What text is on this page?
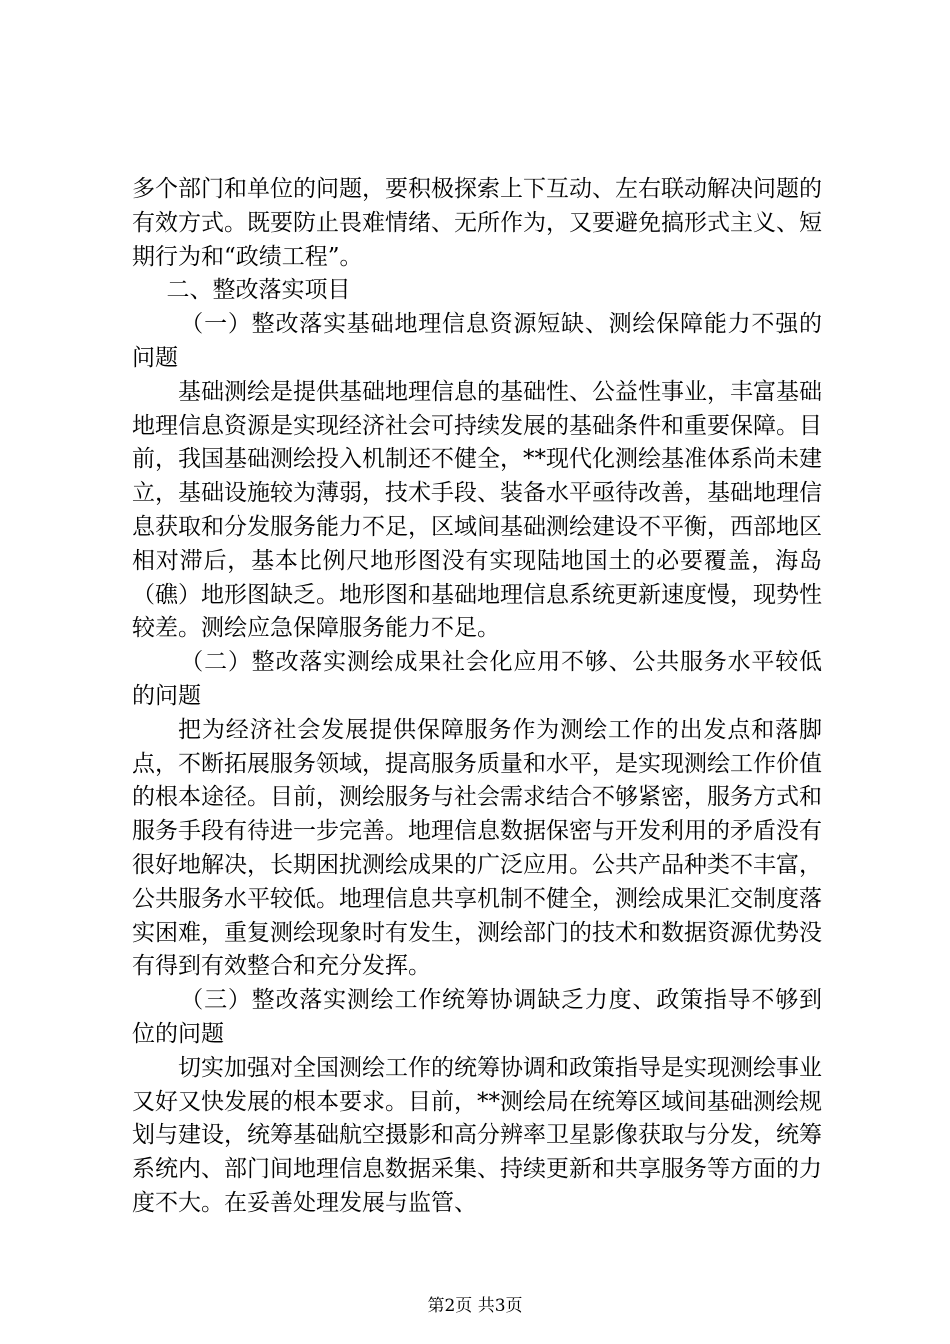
多个部门和单位的问题，要积极探索上下互动、左右联动解决问题的有效方式。既要防止畏难情绪、无所作为，又要避免搞形式主义、短期行为和“政绩工程”。

二、整改落实项目

（一）整改落实基础地理信息资源短缺、测绘保障能力不强的问题

基础测绘是提供基础地理信息的基础性、公益性事业，丰富基础地理信息资源是实现经济社会可持续发展的基础条件和重要保障。目前，我国基础测绘投入机制还不健全，**现代化测绘基准体系尚未建立，基础设施较为薄弱，技术手段、装备水平亟待改善，基础地理信息获取和分发服务能力不足，区域间基础测绘建设不平衡，西部地区相对滞后，基本比例尺地形图没有实现陆地国土的必要覆盖，海岛（礁）地形图缺乏。地形图和基础地理信息系统更新速度慢，现势性较差。测绘应急保障服务能力不足。

（二）整改落实测绘成果社会化应用不够、公共服务水平较低的问题

把为经济社会发展提供保障服务作为测绘工作的出发点和落脚点，不断拓展服务领域，提高服务质量和水平，是实现测绘工作价值的根本途径。目前，测绘服务与社会需求结合不够紧密，服务方式和服务手段有待进一步完善。地理信息数据保密与开发利用的矛盾没有很好地解决，长期困扰测绘成果的广泛应用。公共产品种类不丰富，公共服务水平较低。地理信息共享机制不健全，测绘成果汇交制度落实困难，重复测绘现象时有发生，测绘部门的技术和数据资源优势没有得到有效整合和充分发挥。

（三）整改落实测绘工作统筹协调缺乏力度、政策指导不够到位的问题

切实加强对全国测绘工作的统筹协调和政策指导是实现测绘事业又好又快发展的根本要求。目前，**测绘局在统筹区域间基础测绘规划与建设，统筹基础航空摄影和高分辨率卫星影像获取与分发，统筹系统内、部门间地理信息数据采集、持续更新和共享服务等方面的力度不大。在妥善处理发展与监管、

第2页 共3页
